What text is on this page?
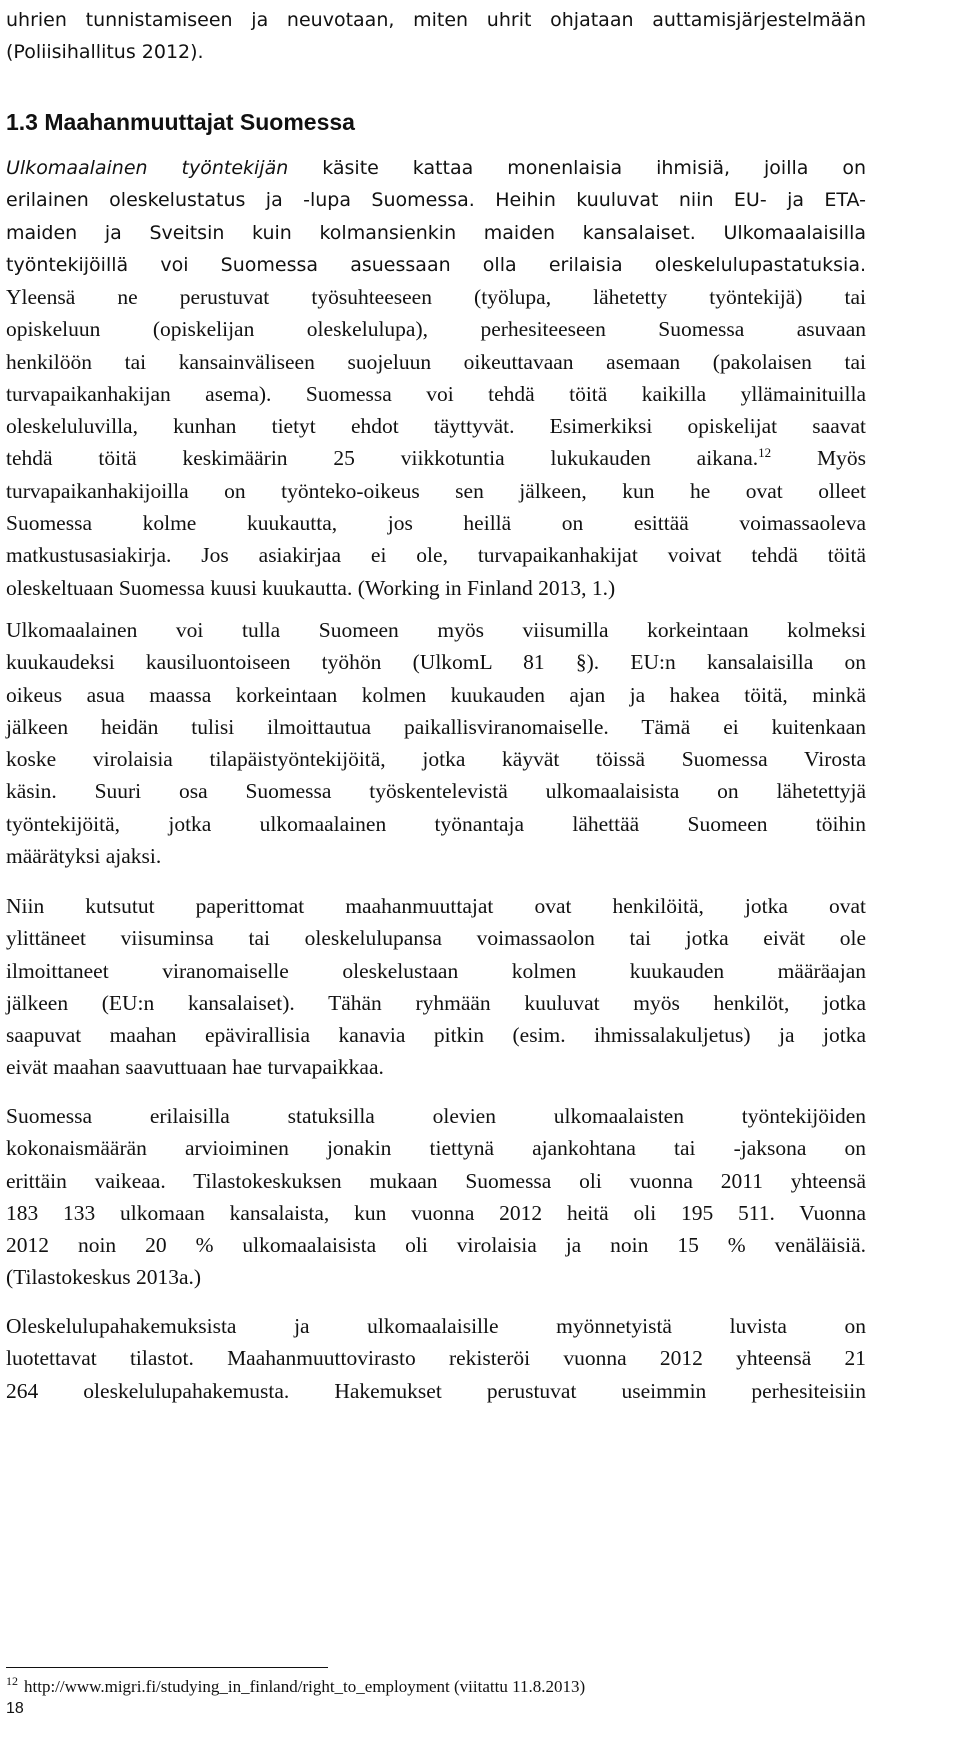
uhrien tunnistamiseen ja neuvotaan, miten uhrit ohjataan auttamisjärjestelmään
(Poliisihallitus 2012).

1.3 Maahanmuuttajat Suomessa

Ulkomaalainen työntekijän käsite kattaa monenlaisia ihmisiä, joilla on
erilainen oleskelustatus ja -lupa Suomessa. Heihin kuuluvat niin EU- ja ETA-
maiden ja Sveitsin kuin kolmansienkin maiden kansalaiset. Ulkomaalaisilla
työntekijöillä voi Suomessa asuessaan olla erilaisia oleskelulupastatuksia.

Yleensä ne perustuvat työsuhteeseen (työlupa, lähetetty työntekijä) tai
opiskeluun (opiskelijan oleskelulupa), perhesiteeseen Suomessa asuvaan
henkilöön tai kansainväliseen suojeluun oikeuttavaan asemaan (pakolaisen tai
turvapaikanhakijan asema). Suomessa voi tehdä töitä kaikilla yllämainituilla
oleskeluluvilla, kunhan tietyt ehdot täyttyvät. Esimerkiksi opiskelijat saavat
tehdä töitä keskimäärin 25 viikkotuntia lukukauden aikana.$^{12}$ Myös
turvapaikanhakijoilla on työnteko-oikeus sen jälkeen, kun he ovat olleet
Suomessa kolme kuukautta, jos heillä on esittää voimassaoleva
matkustusasiakirja. Jos asiakirjaa ei ole, turvapaikanhakijat voivat tehdä töitä
oleskeltuaan Suomessa kuusi kuukautta. (Working in Finland 2013, 1.)

Ulkomaalainen voi tulla Suomeen myös viisumilla korkeintaan kolmeksi
kuukaudeksi kausiluontoiseen työhön (UlkomL 81 §). EU:n kansalaisilla on
oikeus asua maassa korkeintaan kolmen kuukauden ajan ja hakea töitä, minkä
jälkeen heidän tulisi ilmoittautua paikallisviranomaiselle. Tämä ei kuitenkaan
koske virolaisia tilapäistyöntekijöitä, jotka käyvät töissä Suomessa Virosta
käsin. Suuri osa Suomessa työskentelevistä ulkomaalaisista on lähetettyjä
työntekijöitä, jotka ulkomaalainen työnantaja lähettää Suomeen töihin
määrätyksi ajaksi.

Niin kutsutut paperittomat maahanmuuttajat ovat henkilöitä, jotka ovat
ylittäneet viisuminsa tai oleskelulupansa voimassaolon tai jotka eivät ole
ilmoittaneet viranomaiselle oleskelustaan kolmen kuukauden määräajan
jälkeen (EU:n kansalaiset). Tähän ryhmään kuuluvat myös henkilöt, jotka
saapuvat maahan epävirallisia kanavia pitkin (esim. ihmissalakuljetus) ja jotka
eivät maahan saavuttuaan hae turvapaikkaa.

Suomessa erilaisilla statuksilla olevien ulkomaalaisten työntekijöiden
kokonaismäärän arvioiminen jonakin tiettynä ajankohtana tai -jaksona on
erittäin vaikeaa. Tilastokeskuksen mukaan Suomessa oli vuonna 2011 yhteensä
183 133 ulkomaan kansalaista, kun vuonna 2012 heitä oli 195 511. Vuonna
2012 noin 20 % ulkomaalaisista oli virolaisia ja noin 15 % venäläisiä.
(Tilastokeskus 2013a.)

Oleskelulupahakemuksista ja ulkomaalaisille myönnetyistä luvista on
luotettavat tilastot. Maahanmuuttovirasto rekisteröi vuonna 2012 yhteensä 21
264 oleskelulupahakemusta. Hakemukset perustuvat useimmin perhesiteisiin

$^{12}$ http://www.migri.fi/studying_in_finland/right_to_employment (viitattu 11.8.2013)
18
